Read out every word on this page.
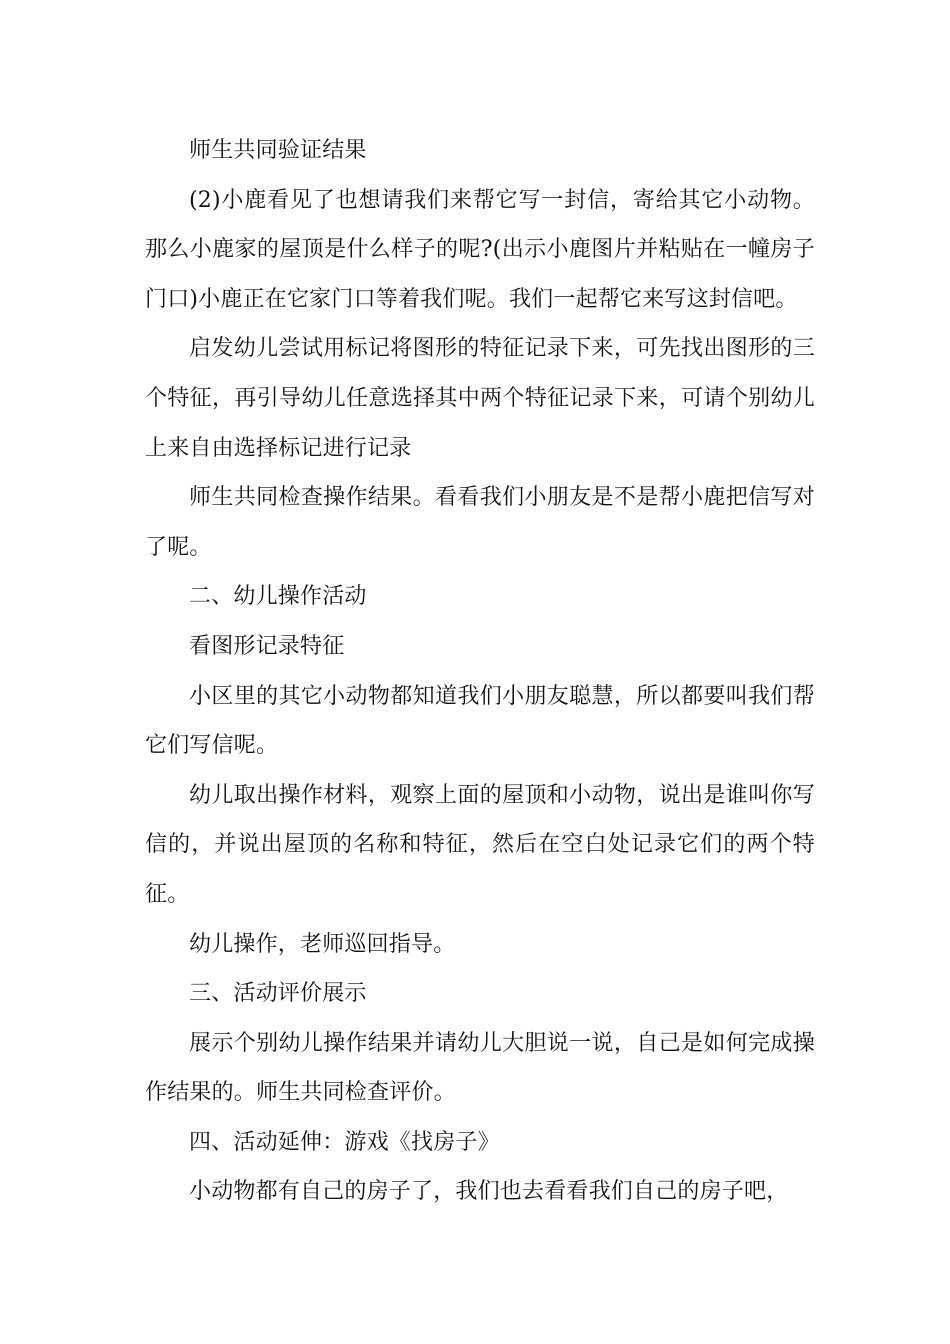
师生共同验证结果

(2)小鹿看见了也想请我们来帮它写一封信，寄给其它小动物。那么小鹿家的屋顶是什么样子的呢?(出示小鹿图片并粘贴在一幢房子门口)小鹿正在它家门口等着我们呢。我们一起帮它来写这封信吧。

启发幼儿尝试用标记将图形的特征记录下来，可先找出图形的三个特征，再引导幼儿任意选择其中两个特征记录下来，可请个别幼儿上来自由选择标记进行记录

师生共同检查操作结果。看看我们小朋友是不是帮小鹿把信写对了呢。

二、幼儿操作活动

看图形记录特征

小区里的其它小动物都知道我们小朋友聪慧，所以都要叫我们帮它们写信呢。

幼儿取出操作材料，观察上面的屋顶和小动物，说出是谁叫你写信的，并说出屋顶的名称和特征，然后在空白处记录它们的两个特征。

幼儿操作，老师巡回指导。

三、活动评价展示

展示个别幼儿操作结果并请幼儿大胆说一说，自己是如何完成操作结果的。师生共同检查评价。

四、活动延伸：游戏《找房子》

小动物都有自己的房子了，我们也去看看我们自己的房子吧，
